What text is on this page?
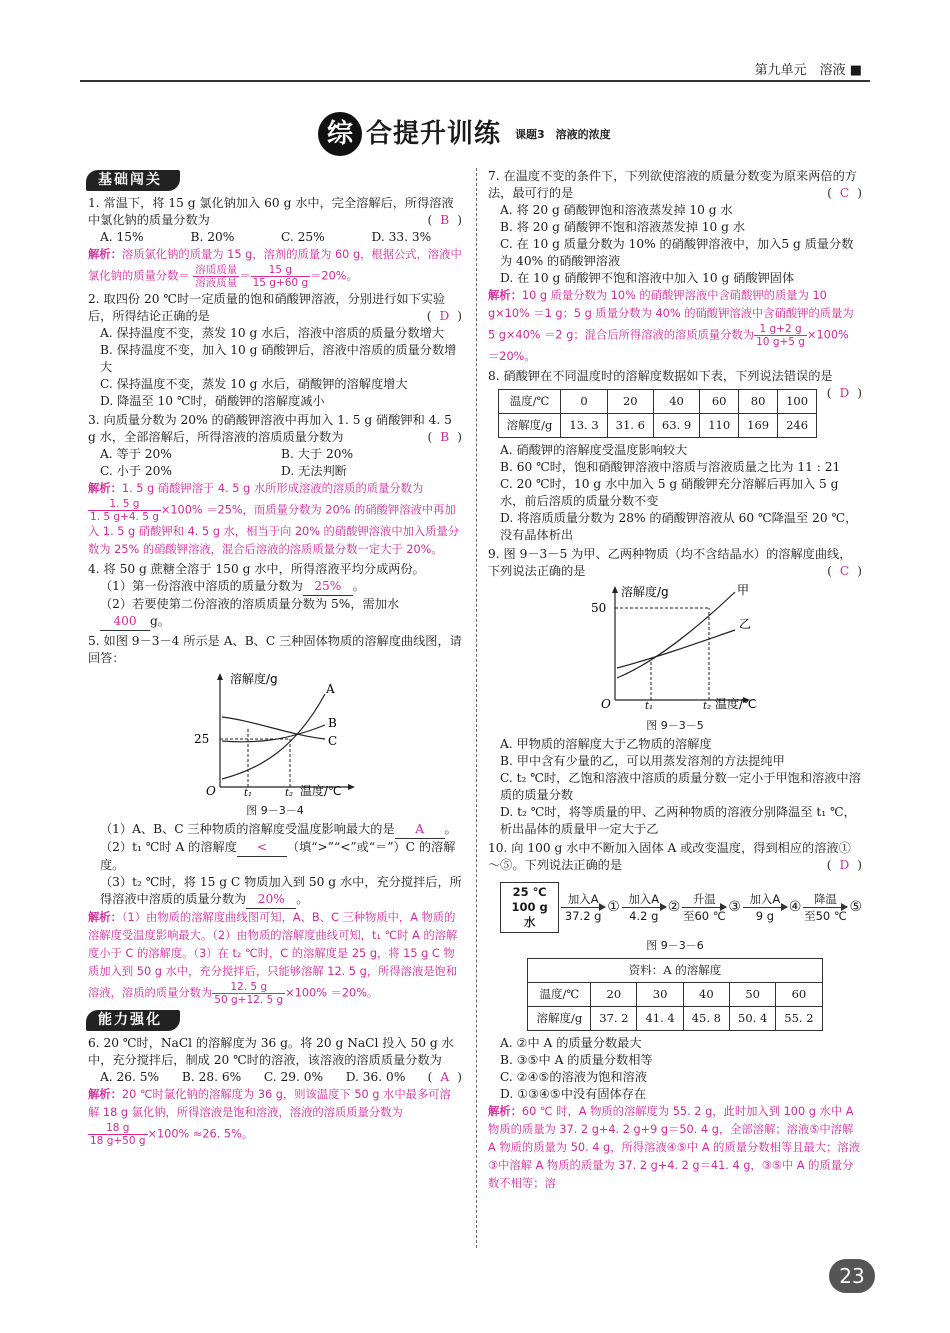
第九单元　溶液 ■
综 合提升训练 课题3　溶液的浓度
基础闯关

1. 常温下，将 15 g 氯化钠加入 60 g 水中，完全溶解后，所得溶液中氯化钠的质量分数为	( B )

A. 15%	B. 20%	C. 25%	D. 33. 3%
解析：溶质氯化钠的质量为 15 g，溶剂的质量为 60 g，根据公式，溶液中氯化钠的质量分数＝ $\frac{\text{溶质质量}}{\text{溶液质量}} = \frac{15 g}{15 g+60 g} =20\%$。

2. 取四份 20 ℃时一定质量的饱和硝酸钾溶液，分别进行如下实验后，所得结论正确的是	( D )

A. 保持温度不变，蒸发 10 g 水后，溶液中溶质的质量分数增大

B. 保持温度不变，加入 10 g 硝酸钾后，溶液中溶质的质量分数增大

C. 保持温度不变，蒸发 10 g 水后，硝酸钾的溶解度增大

D. 降温至 10 ℃时，硝酸钾的溶解度减小

3. 向质量分数为 20% 的硝酸钾溶液中再加入 1. 5 g 硝酸钾和 4. 5 g 水，全部溶解后，所得溶液的溶质质量分数为	( B )

A. 等于 20%	B. 大于 20%
C. 小于 20%	D. 无法判断
解析：1. 5 g 硝酸钾溶于 4. 5 g 水所形成溶液的溶质的质量分数为
$\frac{1. 5 g}{1. 5 g+4. 5 g} \times 100\% =25\%$，而质量分数为 20% 的硝酸钾溶液中再加入 1. 5 g 硝酸钾和 4. 5 g 水，相当于向 20% 的硝酸钾溶液中加入质量分数为 25% 的硝酸钾溶液，混合后溶液的溶质质量分数一定大于 20%。

4. 将 50 g 蔗糖全溶于 150 g 水中，所得溶液平均分成两份。

（1）第一份溶液中溶质的质量分数为 25% 。

（2）若要使第二份溶液的溶质质量分数为 5%，需加水
400 g。

5. 如图 9－3－4 所示是 A、B、C 三种固体物质的溶解度曲线图，请回答：

溶解度/g
25
O	t₁	t₂
A
B
C
温度/℃
图 9－3－4

（1）A、B、C 三种物质的溶解度受温度影响最大的是 A 。

（2）t₁ ℃时 A 的溶解度 < （填“>”“<”或“＝”）C 的溶解度。

（3）t₂ ℃时，将 15 g C 物质加入到 50 g 水中，充分搅拌后，所得溶液中溶质的质量分数为 20% 。

解析：（1）由物质的溶解度曲线图可知，A、B、C 三种物质中，A 物质的溶解度受温度影响最大。（2）由物质的溶解度曲线可知，t₁ ℃时 A 的溶解度小于 C 的溶解度。（3）在 t₂ ℃时，C 的溶解度是 25 g，将 15 g C 物质加入到 50 g 水中，充分搅拌后，只能够溶解 12. 5 g，所得溶液是饱和溶液，溶质的质量分数为 $\frac{12. 5 g}{50 g+12. 5 g} \times 100\% =20\%$。
能力强化

6. 20 ℃时，NaCl 的溶解度为 36 g。将 20 g NaCl 投入 50 g 水中，充分搅拌后，制成 20 ℃时的溶液，该溶液的溶质质量分数为
( A )

A. 26. 5%	B. 28. 6%	C. 29. 0%	D. 36. 0%
解析：20 ℃时氯化钠的溶解度为 36 g，则该温度下 50 g 水中最多可溶解 18 g 氯化钠，所得溶液是饱和溶液，溶液的溶质质量分数为
$\frac{18 g}{18 g+50 g} \times 100\% \approx 26$. 5%。

7. 在温度不变的条件下，下列欲使溶液的质量分数变为原来两倍的方法，最可行的是	( C )

A. 将 20 g 硝酸钾饱和溶液蒸发掉 10 g 水

B. 将 20 g 硝酸钾不饱和溶液蒸发掉 10 g 水

C. 在 10 g 质量分数为 10% 的硝酸钾溶液中，加入5 g 质量分数为 40% 的硝酸钾溶液

D. 在 10 g 硝酸钾不饱和溶液中加入 10 g 硝酸钾固体

解析：10 g 质量分数为 10% 的硝酸钾溶液中含硝酸钾的质量为 10 g×10% ＝1 g；5 g 质量分数为 40% 的硝酸钾溶液中含硝酸钾的质量为 5 g×40% ＝2 g；混合后所得溶液的溶质质量分数为 $\frac{1 g+2 g}{10 g+5 g} \times 100\% =20\%$。

8. 硝酸钾在不同温度时的溶解度数据如下表，下列说法错误的是
( D )

温度/℃	0	20	40	60	80	100
溶解度/g	13. 3	31. 6	63. 9	110	169	246

A. 硝酸钾的溶解度受温度影响较大

B. 60 ℃时，饱和硝酸钾溶液中溶质与溶液质量之比为 11 : 21

C. 20 ℃时，10 g 水中加入 5 g 硝酸钾充分溶解后再加入 5 g 水，前后溶质的质量分数不变

D. 将溶质质量分数为 28% 的硝酸钾溶液从 60 ℃降温至 20 ℃，没有晶体析出

9. 图 9－3－5 为甲、乙两种物质（均不含结晶水）的溶解度曲线，下列说法正确的是	( C )

溶解度/g
50
O	t₁	t₂
甲
乙
温度/℃
图 9－3－5

A. 甲物质的溶解度大于乙物质的溶解度

B. 甲中含有少量的乙，可以用蒸发溶剂的方法提纯甲

C. t₂ ℃时，乙饱和溶液中溶质的质量分数一定小于甲饱和溶液中溶质的质量分数

D. t₂ ℃时，将等质量的甲、乙两种物质的溶液分别降温至 t₁ ℃，析出晶体的质量甲一定大于乙

10. 向 100 g 水中不断加入固体 A 或改变温度，得到相应的溶液①～⑤。下列说法正确的是	( D )

25 ℃
100 g 水
加入A
37.2 g
① 加入A
4.2 g
② 升温
至60 ℃
③ 加入A
9 g
④ 降温
至50 ℃
⑤
图 9－3－6
资料：A 的溶解度					
温度/℃	20	30	40	50	60
溶解度/g	37. 2	41. 4	45. 8	50. 4	55. 2

A. ②中 A 的质量分数最大

B. ③⑤中 A 的质量分数相等

C. ②④⑤的溶液为饱和溶液

D. ①③④⑤中没有固体存在

解析：60 ℃ 时，A 物质的溶解度为 55. 2 g，此时加入到 100 g 水中 A 物质的质量为 37. 2 g+4. 2 g+9 g＝50. 4 g，全部溶解；溶液⑤中溶解 A 物质的质量为 50. 4 g，所得溶液④⑤中 A 的质量分数相等且最大；溶液③中溶解 A 物质的质量为 37. 2 g+4. 2 g＝41. 4 g，③⑤中 A 的质量分数不相等；溶
23
